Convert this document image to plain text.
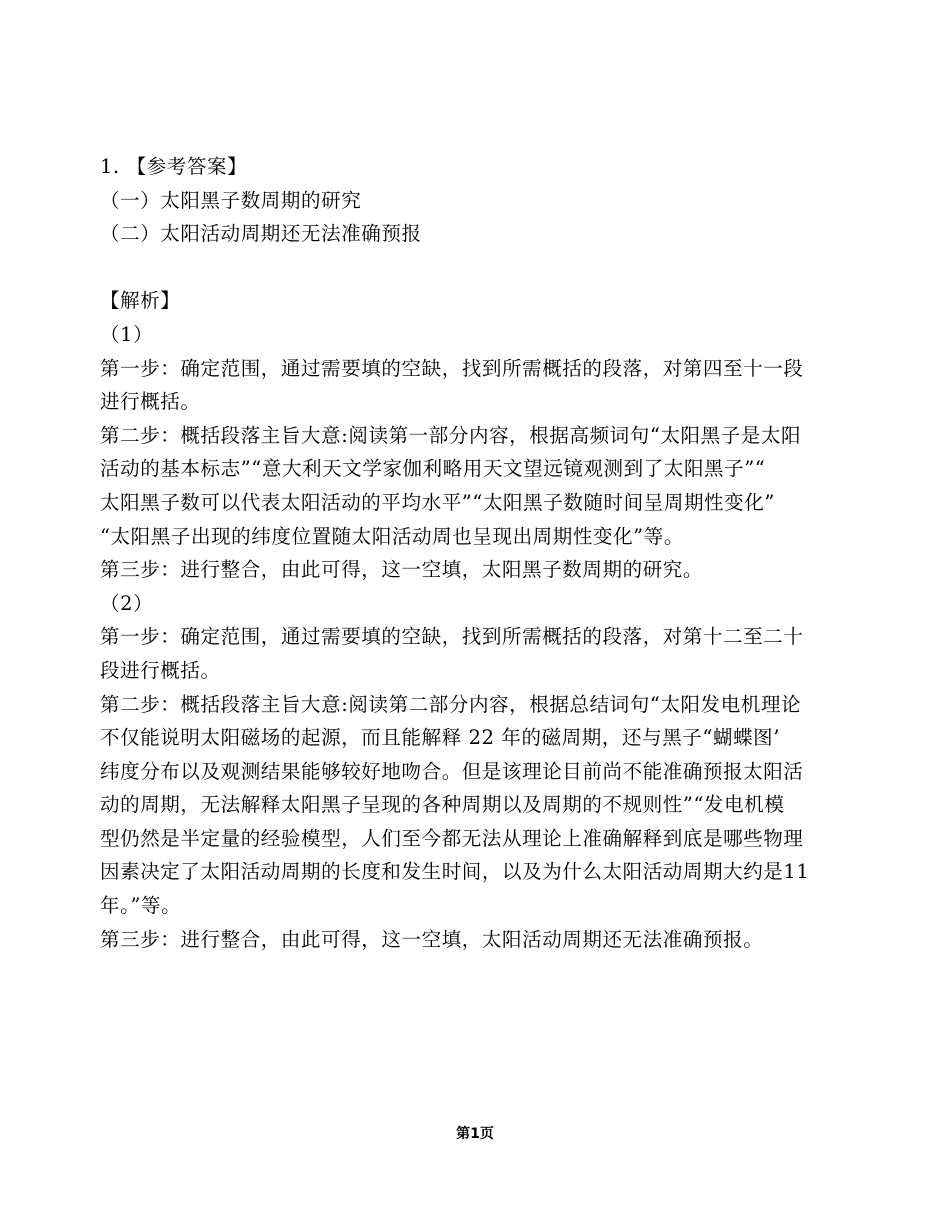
1. 【参考答案】
（一）太阳黑子数周期的研究
（二）太阳活动周期还无法准确预报
【解析】
（1）
第一步：确定范围，通过需要填的空缺，找到所需概括的段落，对第四至十一段
进行概括。
第二步：概括段落主旨大意:阅读第一部分内容，根据高频词句“太阳黑子是太阳
活动的基本标志”“意大利天文学家伽利略用天文望远镜观测到了太阳黑子”“
太阳黑子数可以代表太阳活动的平均水平”“太阳黑子数随时间呈周期性变化”
“太阳黑子出现的纬度位置随太阳活动周也呈现出周期性变化”等。
第三步：进行整合，由此可得，这一空填，太阳黑子数周期的研究。
（2）
第一步：确定范围，通过需要填的空缺，找到所需概括的段落，对第十二至二十
段进行概括。
第二步：概括段落主旨大意:阅读第二部分内容，根据总结词句“太阳发电机理论
不仅能说明太阳磁场的起源，而且能解释 22 年的磁周期，还与黑子“蝴蝶图’
纬度分布以及观测结果能够较好地吻合。但是该理论目前尚不能准确预报太阳活
动的周期，无法解释太阳黑子呈现的各种周期以及周期的不规则性”“发电机模
型仍然是半定量的经验模型，人们至今都无法从理论上准确解释到底是哪些物理
因素决定了太阳活动周期的长度和发生时间，以及为什么太阳活动周期大约是11
年。”等。
第三步：进行整合，由此可得，这一空填，太阳活动周期还无法准确预报。
第1页
